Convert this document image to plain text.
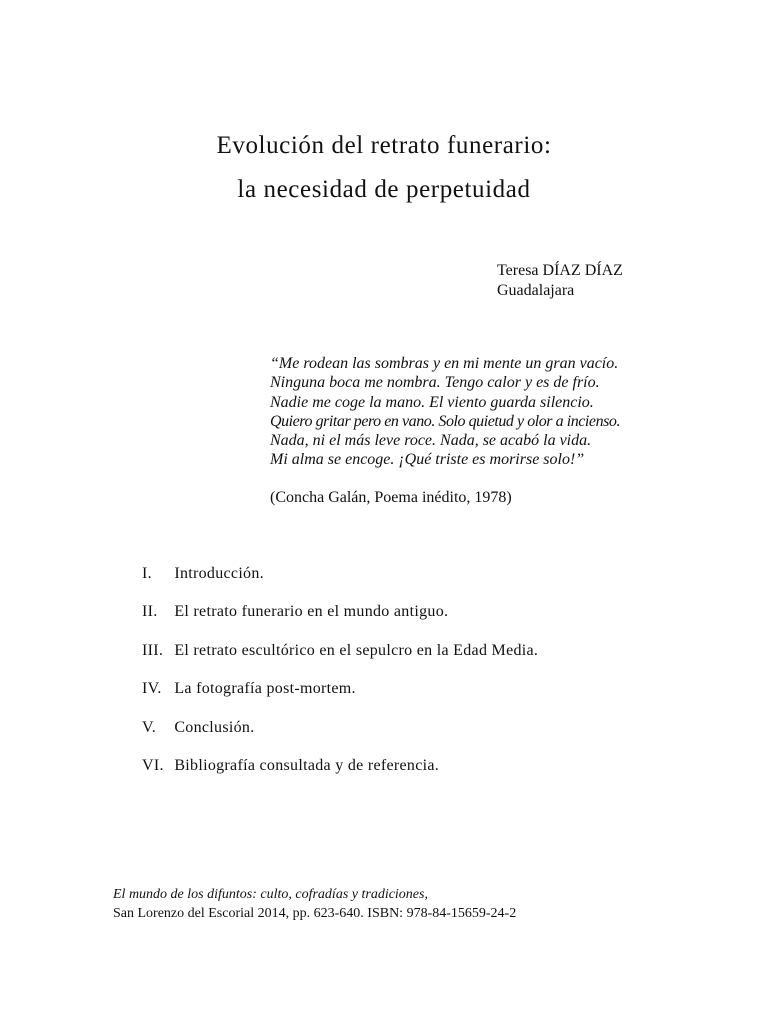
Evolución del retrato funerario:
la necesidad de perpetuidad
Teresa DÍAZ DÍAZ
Guadalajara
“Me rodean las sombras y en mi mente un gran vacío.
Ninguna boca me nombra. Tengo calor y es de frío.
Nadie me coge la mano. El viento guarda silencio.
Quiero gritar pero en vano. Solo quietud y olor a incienso.
Nada, ni el más leve roce. Nada, se acabó la vida.
Mi alma se encoge. ¡Qué triste es morirse solo!”
(Concha Galán, Poema inédito, 1978)
I. Introducción.
II. El retrato funerario en el mundo antiguo.
III. El retrato escultórico en el sepulcro en la Edad Media.
IV. La fotografía post-mortem.
V. Conclusión.
VI. Bibliografía consultada y de referencia.
El mundo de los difuntos: culto, cofradías y tradiciones,
San Lorenzo del Escorial 2014, pp. 623-640. ISBN: 978-84-15659-24-2
